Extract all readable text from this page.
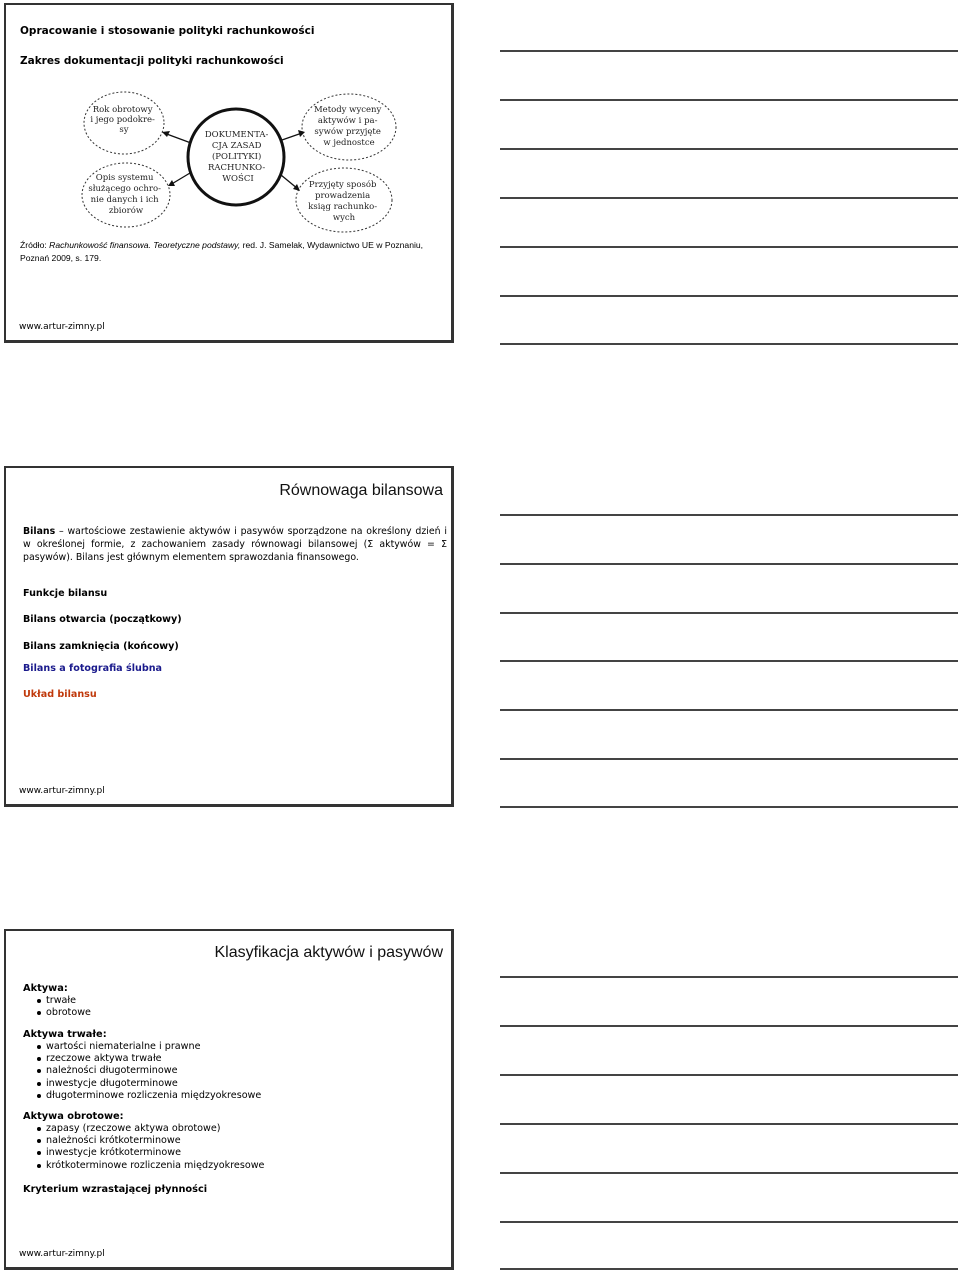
Opracowanie i stosowanie polityki rachunkowości
Zakres dokumentacji polityki rachunkowości
DOKUMENTA- CJA ZASAD (POLITYKI) RACHUNKO- WOŚCI
Rok obrotowy i jego podokre- sy
Opis systemu służącego ochro- nie danych i ich zbiorów
Metody wyceny aktywów i pa- sywów przyjęte w jednostce
Przyjęty sposób prowadzenia ksiąg rachunko- wych
Źródło: Rachunkowość finansowa. Teoretyczne podstawy, red. J. Samelak, Wydawnictwo UE w Poznaniu, Poznań 2009, s. 179.
www.artur-zimny.pl
Równowaga bilansowa
Bilans – wartościowe zestawienie aktywów i pasywów sporządzone na określony dzień i w określonej formie, z zachowaniem zasady równowagi bilansowej (Σ aktywów = Σ pasywów). Bilans jest głównym elementem sprawozdania finansowego.
Funkcje bilansu
Bilans otwarcia (początkowy)
Bilans zamknięcia (końcowy)
Bilans a fotografia ślubna
Układ bilansu
www.artur-zimny.pl
Klasyfikacja aktywów i pasywów
Aktywa:
trwałe
obrotowe
Aktywa trwałe:
wartości niematerialne i prawne
rzeczowe aktywa trwałe
należności długoterminowe
inwestycje długoterminowe
długoterminowe rozliczenia międzyokresowe
Aktywa obrotowe:
zapasy (rzeczowe aktywa obrotowe)
należności krótkoterminowe
inwestycje krótkoterminowe
krótkoterminowe rozliczenia międzyokresowe
Kryterium wzrastającej płynności
www.artur-zimny.pl
